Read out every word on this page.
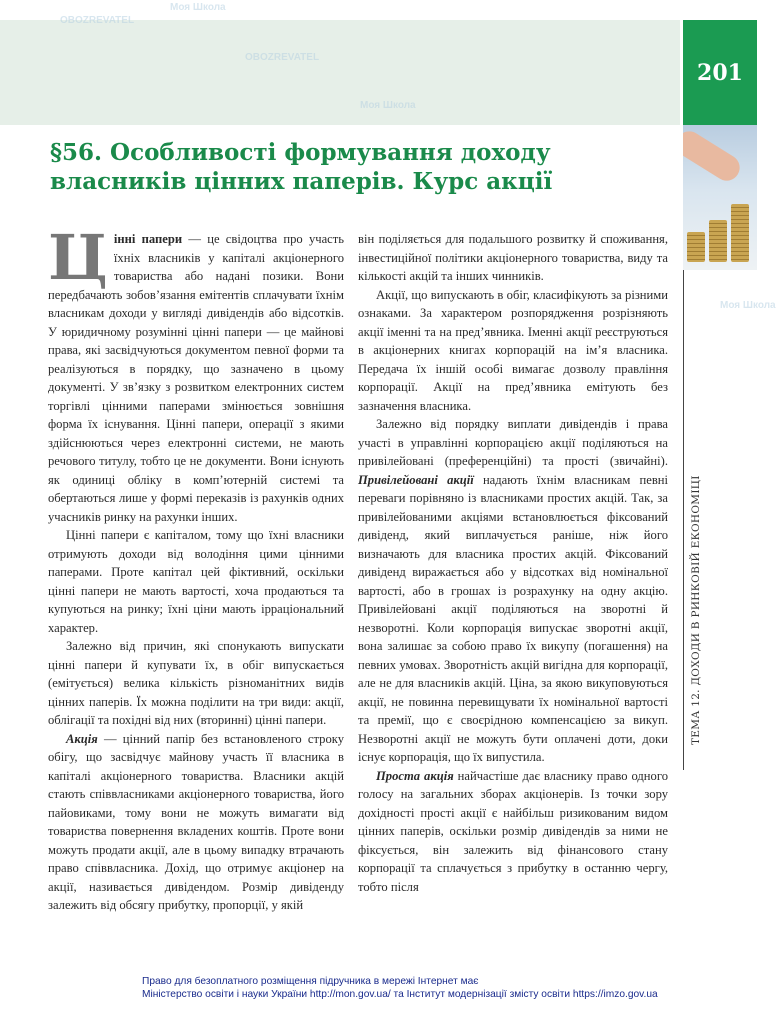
201
ТЕМА 12. ДОХОДИ В РИНКОВІЙ ЕКОНОМІЦІ
Моя Школа
OBOZREVATEL
OBOZREVATEL
Моя Школа
Моя Школа
§56. Особливості формування доходу власників цінних паперів. Курс акції

Цінні папери — це свідоцтва про участь їхніх власників у капіталі акціонерного товариства або надані позики. Вони передбачають зобов’язання емітентів сплачувати їхнім власникам доходи у вигляді дивідендів або відсотків. У юридичному розумінні цінні папери — це майнові права, які засвідчуються документом певної форми та реалізуються в порядку, що зазначено в цьому документі. У зв’язку з розвитком електронних систем торгівлі цінними паперами змінюється зовнішня форма їх існування. Цінні папери, операції з якими здійснюються через електронні системи, не мають речового титулу, тобто це не документи. Вони існують як одиниці обліку в комп’ютерній системі та обертаються лише у формі переказів із рахунків одних учасників ринку на рахунки інших.

Цінні папери є капіталом, тому що їхні власники отримують доходи від володіння цими цінними паперами. Проте капітал цей фіктивний, оскільки цінні папери не мають вартості, хоча продаються та купуються на ринку; їхні ціни мають ірраціональний характер.

Залежно від причин, які спонукають випускати цінні папери й купувати їх, в обіг випускається (емітується) велика кількість різноманітних видів цінних паперів. Їх можна поділити на три види: акції, облігації та похідні від них (вторинні) цінні папери.

Акція — цінний папір без встановленого строку обігу, що засвідчує майнову участь її власника в капіталі акціонерного товариства. Власники акцій стають співвласниками акціонерного товариства, його пайовиками, тому вони не можуть вимагати від товариства повернення вкладених коштів. Проте вони можуть продати акції, але в цьому випадку втрачають право співвласника. Дохід, що отримує акціонер на акції, називається дивідендом. Розмір дивіденду залежить від обсягу прибутку, пропорції, у якій

він поділяється для подальшого розвитку й споживання, інвестиційної політики акціонерного товариства, виду та кількості акцій та інших чинників.

Акції, що випускають в обіг, класифікують за різними ознаками. За характером розпорядження розрізняють акції іменні та на пред’явника. Іменні акції реєструються в акціонерних книгах корпорацій на ім’я власника. Передача їх іншій особі вимагає дозволу правління корпорації. Акції на пред’явника емітують без зазначення власника.

Залежно від порядку виплати дивідендів і права участі в управлінні корпорацією акції поділяються на привілейовані (преференційні) та прості (звичайні). Привілейовані акції надають їхнім власникам певні переваги порівняно із власниками простих акцій. Так, за привілейованими акціями встановлюється фіксований дивіденд, який виплачується раніше, ніж його визначають для власника простих акцій. Фіксований дивіденд виражається або у відсотках від номінальної вартості, або в грошах із розрахунку на одну акцію. Привілейовані акції поділяються на зворотні й незворотні. Коли корпорація випускає зворотні акції, вона залишає за собою право їх викупу (погашення) на певних умовах. Зворотність акцій вигідна для корпорації, але не для власників акцій. Ціна, за якою викуповуються акції, не повинна перевищувати їх номінальної вартості та премії, що є своєрідною компенсацією за викуп. Незворотні акції не можуть бути оплачені доти, доки існує корпорація, що їх випустила.

Проста акція найчастіше дає власнику право одного голосу на загальних зборах акціонерів. Із точки зору дохідності прості акції є найбільш ризикованим видом цінних паперів, оскільки розмір дивідендів за ними не фіксується, він залежить від фінансового стану корпорації та сплачується з прибутку в останню чергу, тобто після

Право для безоплатного розміщення підручника в мережі Інтернет має
Міністерство освіти і науки України http://mon.gov.ua/ та Інститут модернізації змісту освіти https://imzo.gov.ua
